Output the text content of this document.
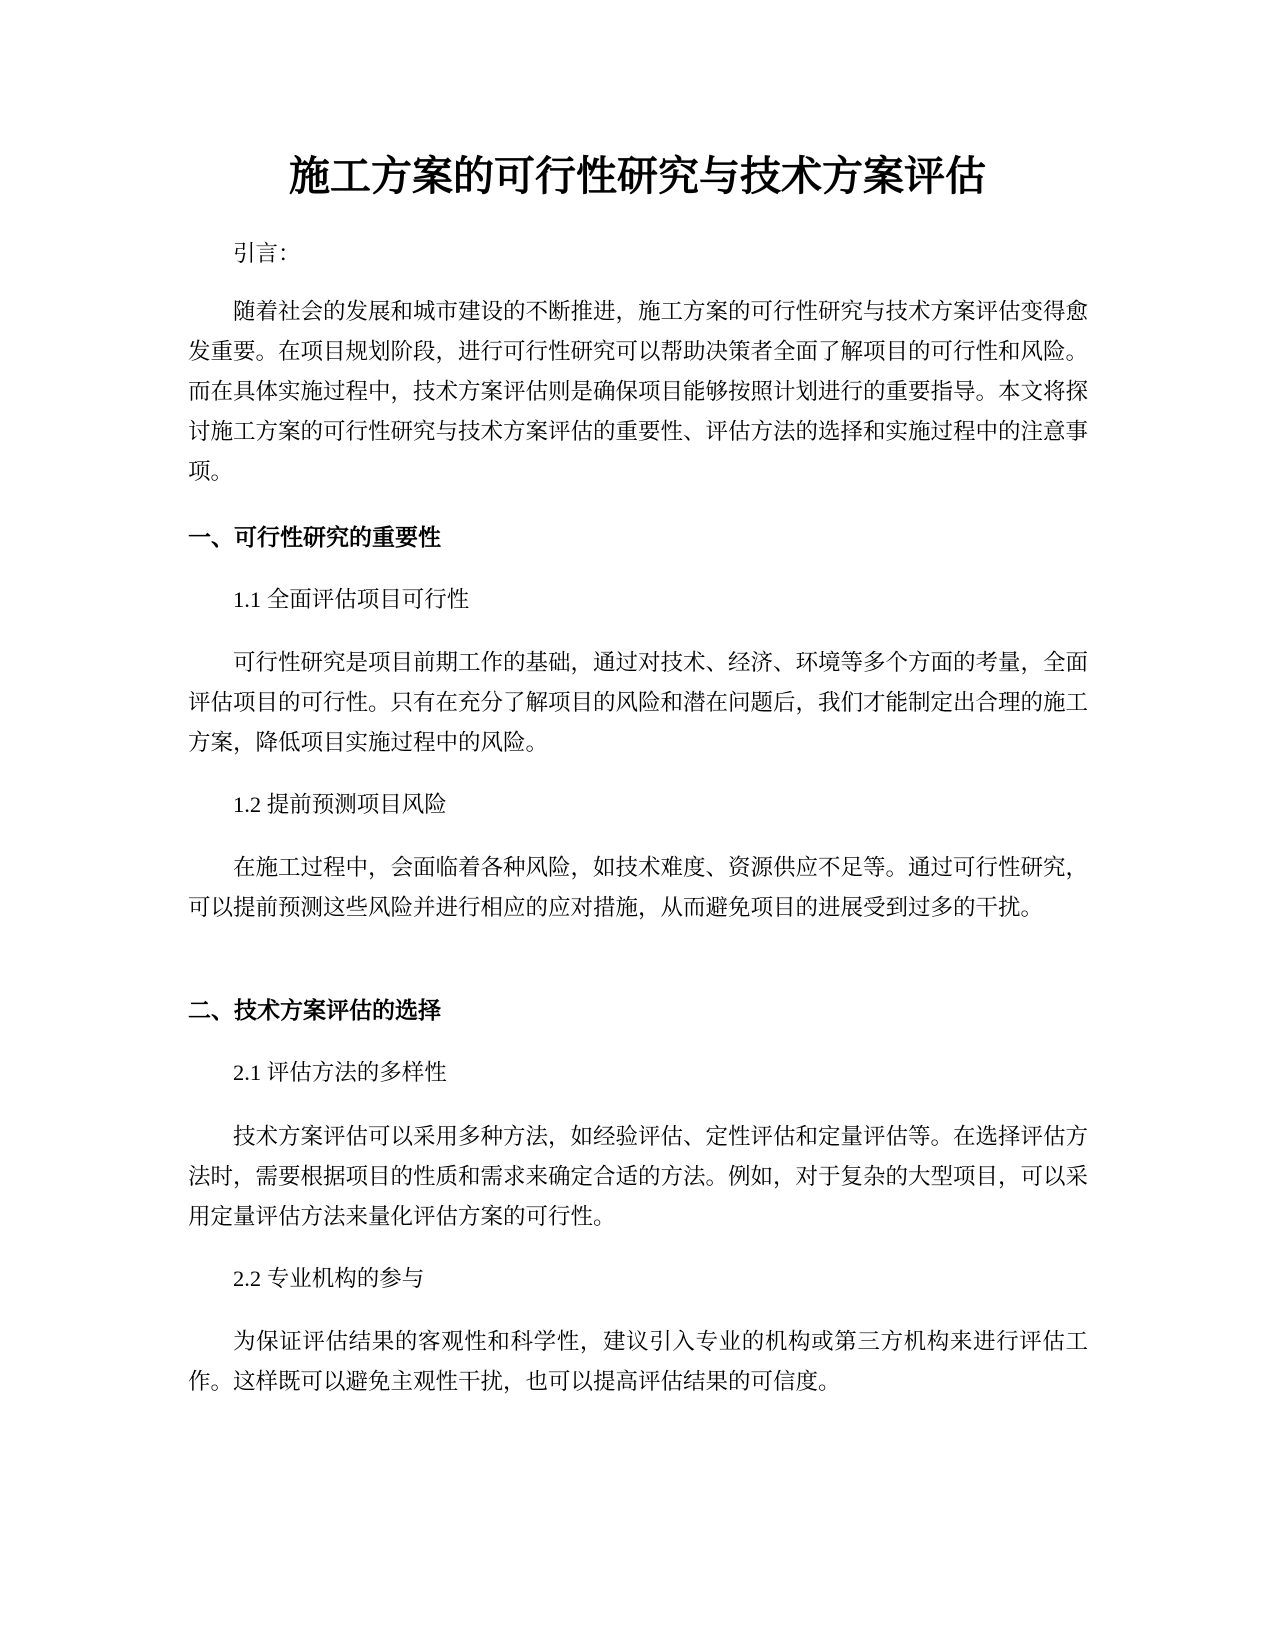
施工方案的可行性研究与技术方案评估

引言：

随着社会的发展和城市建设的不断推进，施工方案的可行性研究与技术方案评估变得愈发重要。在项目规划阶段，进行可行性研究可以帮助决策者全面了解项目的可行性和风险。而在具体实施过程中，技术方案评估则是确保项目能够按照计划进行的重要指导。本文将探讨施工方案的可行性研究与技术方案评估的重要性、评估方法的选择和实施过程中的注意事项。

一、可行性研究的重要性

1.1 全面评估项目可行性

可行性研究是项目前期工作的基础，通过对技术、经济、环境等多个方面的考量，全面评估项目的可行性。只有在充分了解项目的风险和潜在问题后，我们才能制定出合理的施工方案，降低项目实施过程中的风险。

1.2 提前预测项目风险

在施工过程中，会面临着各种风险，如技术难度、资源供应不足等。通过可行性研究，可以提前预测这些风险并进行相应的应对措施，从而避免项目的进展受到过多的干扰。

二、技术方案评估的选择

2.1 评估方法的多样性

技术方案评估可以采用多种方法，如经验评估、定性评估和定量评估等。在选择评估方法时，需要根据项目的性质和需求来确定合适的方法。例如，对于复杂的大型项目，可以采用定量评估方法来量化评估方案的可行性。

2.2 专业机构的参与

为保证评估结果的客观性和科学性，建议引入专业的机构或第三方机构来进行评估工作。这样既可以避免主观性干扰，也可以提高评估结果的可信度。
